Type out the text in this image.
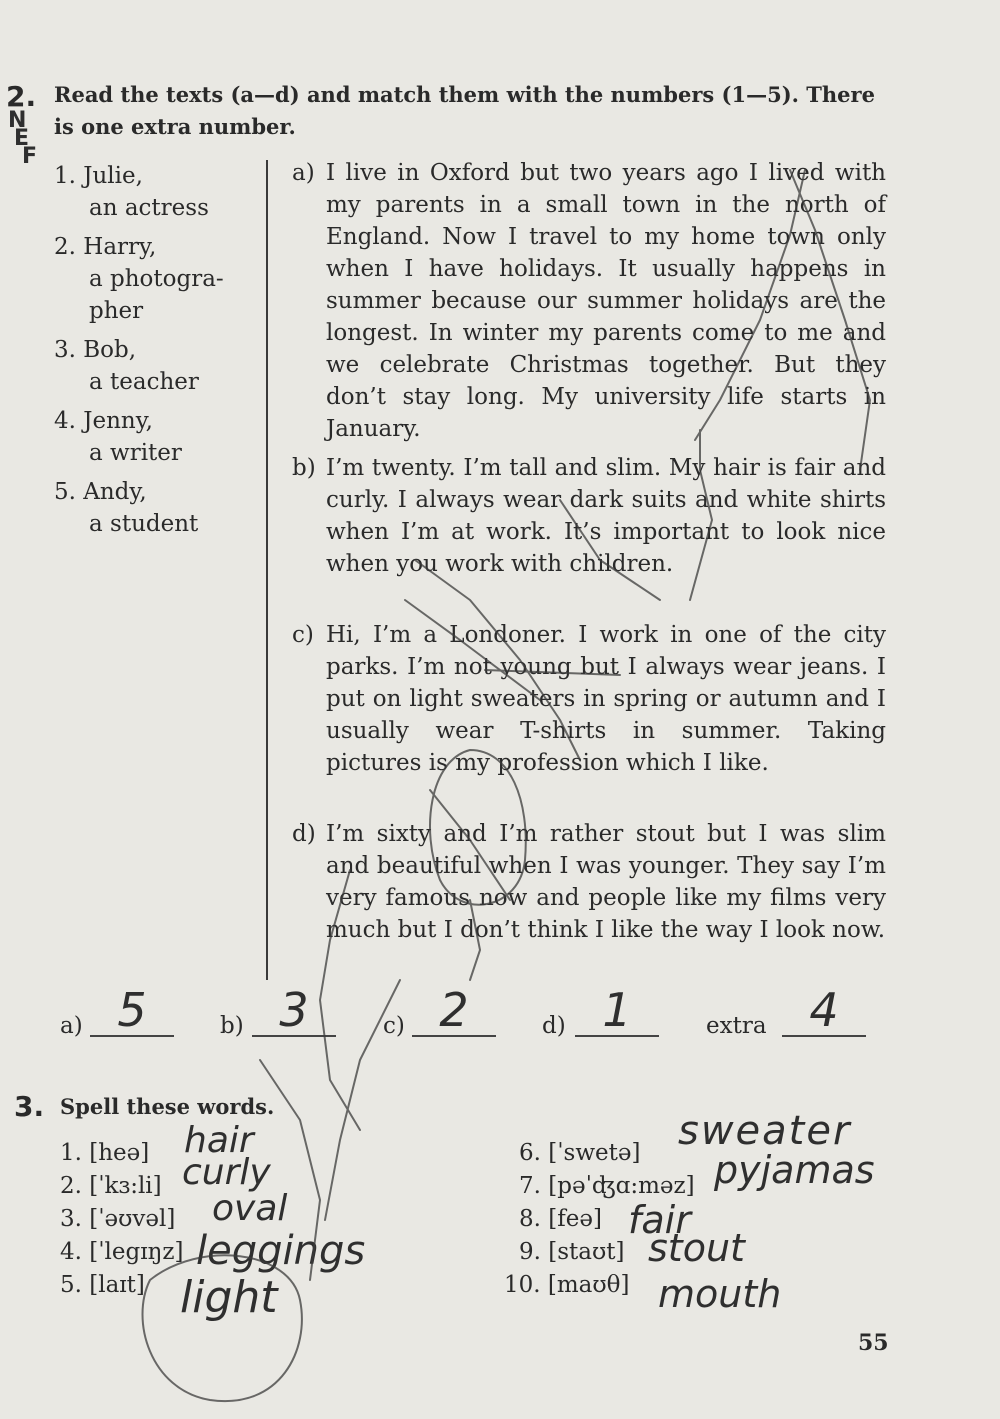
2. Read the texts (a—d) and match them with the numbers (1—5). There
is one extra number.
N
E
F
1. Julie,
an actress
2. Harry,
a photogra-
pher
3. Bob,
a teacher
4. Jenny,
a writer
5. Andy,
a student
a) I live in Oxford but two years ago I lived with my parents in a small town in the north of England. Now I travel to my home town only when I have holidays. It usually happens in summer because our summer holidays are the longest. In winter my parents come to me and we celebrate Christmas together. But they don’t stay long. My university life starts in January.
b) I’m twenty. I’m tall and slim. My hair is fair and curly. I always wear dark suits and white shirts when I’m at work. It’s important to look nice when you work with children.
c) Hi, I’m a Londoner. I work in one of the city parks. I’m not young but I always wear jeans. I put on light sweaters in spring or autumn and I usually wear T-shirts in summer. Taking pictures is my profession which I like.
d) I’m sixty and I’m rather stout but I was slim and beautiful when I was younger. They say I’m very famous now and people like my films very much but I don’t think I like the way I look now.
a) 5	b) 3	c) 2	d) 1	extra 4
3. Spell these words.
1. [heə]
2. [ˈkɜ:li]
3. [ˈəʊvəl]
4. [ˈlegɪŋz]
5. [laɪt]
hair
curly
oval
leggings
light
6. [ˈswetə]
7. [pəˈʤɑ:məz]
8. [feə]
9. [staʊt]
10. [maʊθ]
sweater
pyjamas
fair
stout
mouth
55
